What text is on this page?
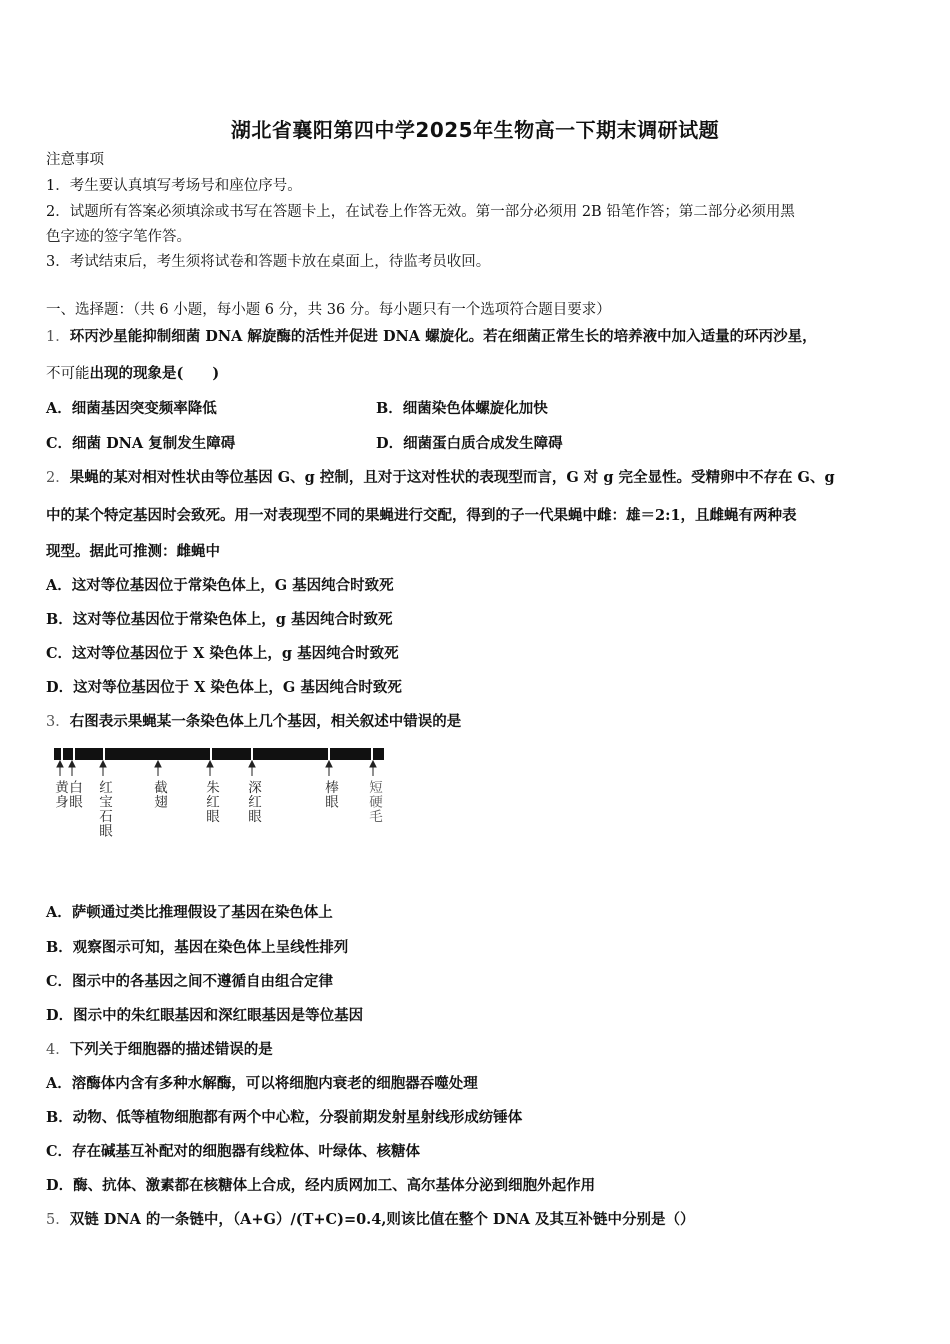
湖北省襄阳第四中学2025年生物高一下期末调研试题
注意事项
1．考生要认真填写考场号和座位序号。
2．试题所有答案必须填涂或书写在答题卡上，在试卷上作答无效。第一部分必须用 2B 铅笔作答；第二部分必须用黑
色字迹的签字笔作答。
3．考试结束后，考生须将试卷和答题卡放在桌面上，待监考员收回。
一、选择题：（共 6 小题，每小题 6 分，共 36 分。每小题只有一个选项符合题目要求）
1．环丙沙星能抑制细菌 DNA 解旋酶的活性并促进 DNA 螺旋化。若在细菌正常生长的培养液中加入适量的环丙沙星，
不可能出现的现象是(　　)
A．细菌基因突变频率降低	B．细菌染色体螺旋化加快
C．细菌 DNA 复制发生障碍	D．细菌蛋白质合成发生障碍
2．果蝇的某对相对性状由等位基因 G、g 控制，且对于这对性状的表现型而言，G 对 g 完全显性。受精卵中不存在 G、g
中的某个特定基因时会致死。用一对表现型不同的果蝇进行交配，得到的子一代果蝇中雌：雄＝2:1，且雌蝇有两种表
现型。据此可推测：雌蝇中
A．这对等位基因位于常染色体上，G 基因纯合时致死
B．这对等位基因位于常染色体上，g 基因纯合时致死
C．这对等位基因位于 X 染色体上，g 基因纯合时致死
D．这对等位基因位于 X 染色体上，G 基因纯合时致死
3．右图表示果蝇某一条染色体上几个基因，相关叙述中错误的是
黄身
白眼 红宝石眼	截翅	朱红眼 深红眼	棒眼 短硬毛
A．萨顿通过类比推理假设了基因在染色体上
B．观察图示可知，基因在染色体上呈线性排列
C．图示中的各基因之间不遵循自由组合定律
D．图示中的朱红眼基因和深红眼基因是等位基因
4．下列关于细胞器的描述错误的是
A．溶酶体内含有多种水解酶，可以将细胞内衰老的细胞器吞噬处理
B．动物、低等植物细胞都有两个中心粒，分裂前期发射星射线形成纺锤体
C．存在碱基互补配对的细胞器有线粒体、叶绿体、核糖体
D．酶、抗体、激素都在核糖体上合成，经内质网加工、高尔基体分泌到细胞外起作用
5．双链 DNA 的一条链中，（A+G）/(T+C)=0.4,则该比值在整个 DNA 及其互补链中分别是（）
